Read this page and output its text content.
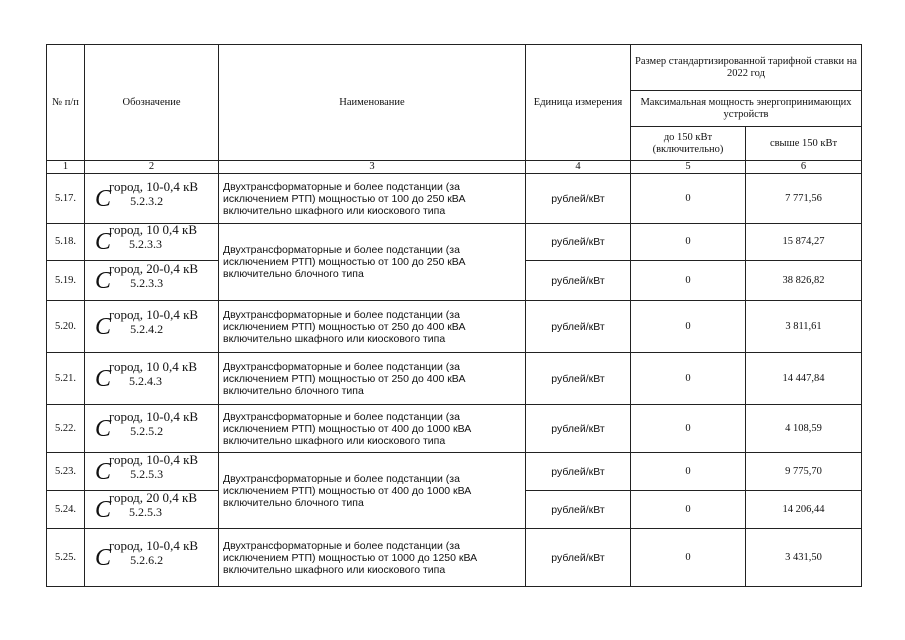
№ п/п	Обозначение	Наименование	Единица измерения	Размер стандартизированной тарифной ставки на 2022 год	
				Максимальная мощность энергопринимающих устройств	
				до 150 кВт (включительно)	свыше 150 кВт
1	2	3	4	5	6
5.17.	Cгород, 10-0,4 кВ5.2.3.2	Двухтрансформаторные и более подстанции (за исключением РТП) мощностью от 100 до 250 кВА включительно шкафного или киоскового типа	рублей/кВт	0	7 771,56
5.18.	Cгород, 10 0,4 кВ5.2.3.3	Двухтрансформаторные и более подстанции (за исключением РТП) мощностью от 100 до 250 кВА включительно блочного типа	рублей/кВт	0	15 874,27
5.19.	Cгород, 20-0,4 кВ5.2.3.3		рублей/кВт	0	38 826,82
5.20.	Cгород, 10-0,4 кВ5.2.4.2	Двухтрансформаторные и более подстанции (за исключением РТП) мощностью от 250 до 400 кВА включительно шкафного или киоскового типа	рублей/кВт	0	3 811,61
5.21.	Cгород, 10 0,4 кВ5.2.4.3	Двухтрансформаторные и более подстанции (за исключением РТП) мощностью от 250 до 400 кВА включительно блочного типа	рублей/кВт	0	14 447,84
5.22.	Cгород, 10-0,4 кВ5.2.5.2	Двухтрансформаторные и более подстанции (за исключением РТП) мощностью от 400 до 1000 кВА включительно шкафного или киоскового типа	рублей/кВт	0	4 108,59
5.23.	Cгород, 10-0,4 кВ5.2.5.3	Двухтрансформаторные и более подстанции (за исключением РТП) мощностью от 400 до 1000 кВА включительно блочного типа	рублей/кВт	0	9 775,70
5.24.	Cгород, 20 0,4 кВ5.2.5.3		рублей/кВт	0	14 206,44
5.25.	Cгород, 10-0,4 кВ5.2.6.2	Двухтрансформаторные и более подстанции (за исключением РТП) мощностью от 1000 до 1250 кВА включительно шкафного или киоскового типа	рублей/кВт	0	3 431,50
